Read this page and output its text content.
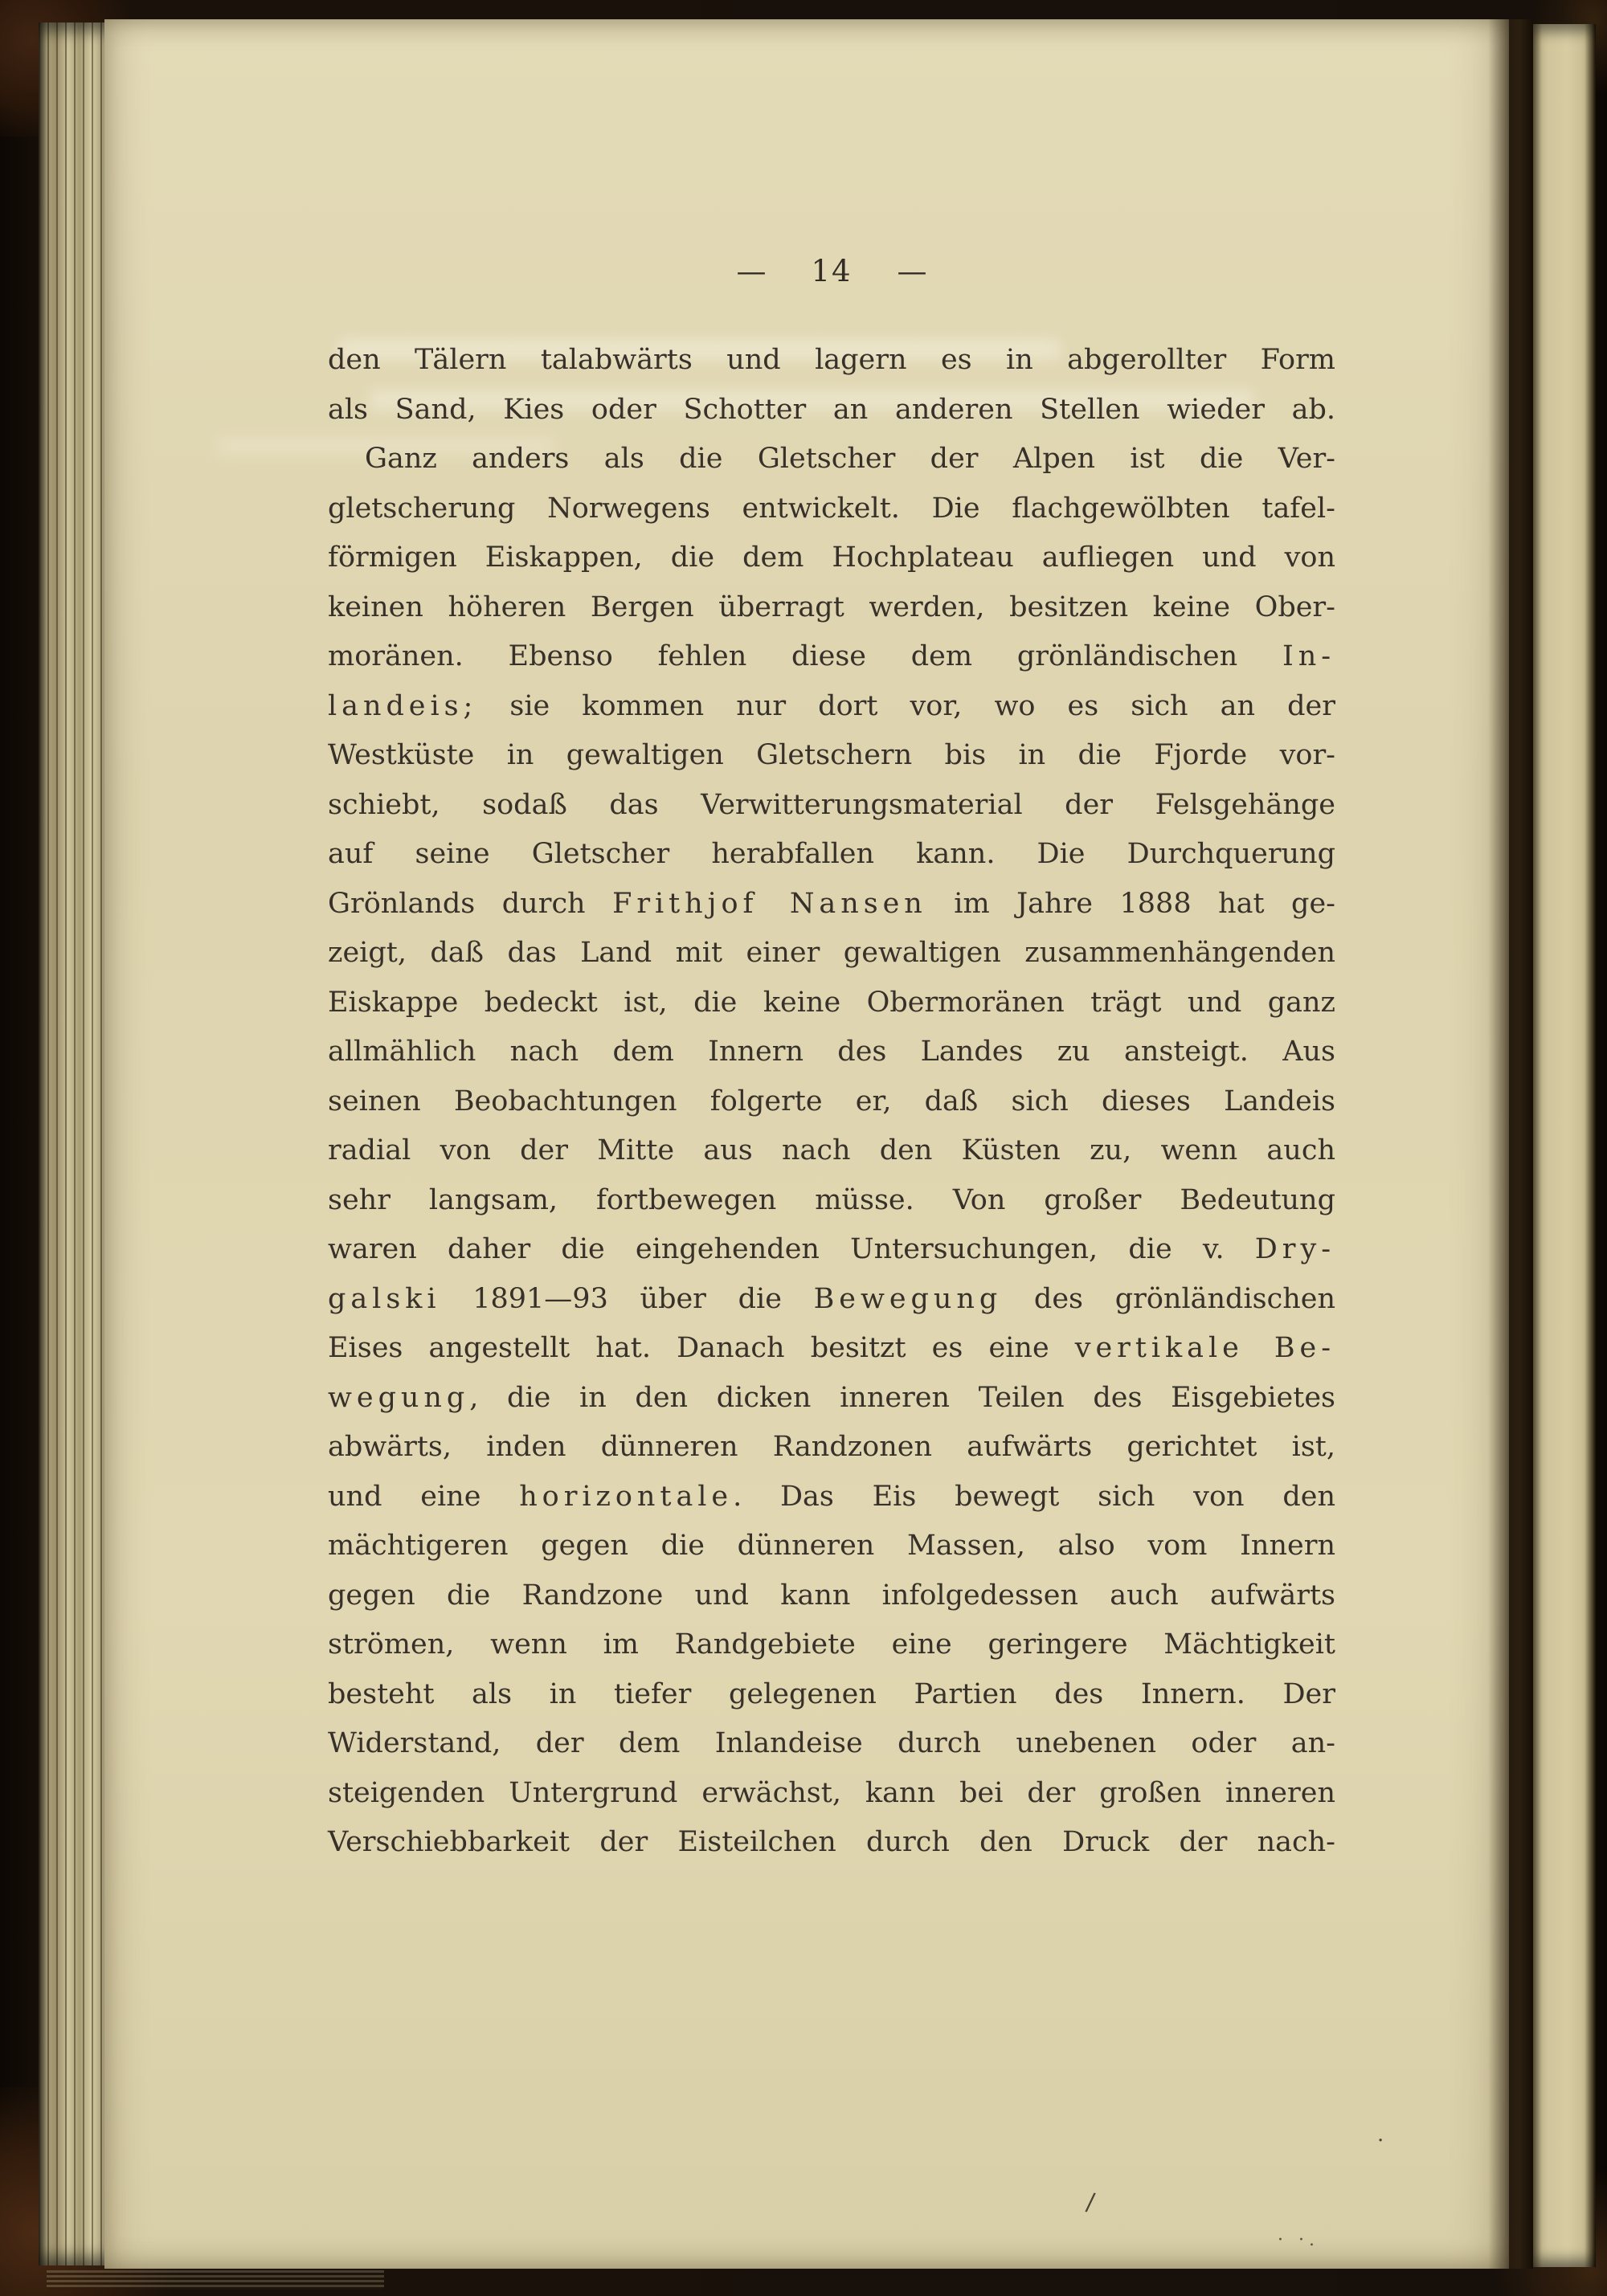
— 14 —
den Tälern talabwärts und lagern es in abgerollter Form
als Sand, Kies oder Schotter an anderen Stellen wieder ab.
Ganz anders als die Gletscher der Alpen ist die Ver-
gletscherung Norwegens entwickelt. Die flachgewölbten tafel-
förmigen Eiskappen, die dem Hochplateau aufliegen und von
keinen höheren Bergen überragt werden, besitzen keine Ober-
moränen. Ebenso fehlen diese dem grönländischen In-
landeis; sie kommen nur dort vor, wo es sich an der
Westküste in gewaltigen Gletschern bis in die Fjorde vor-
schiebt, sodaß das Verwitterungsmaterial der Felsgehänge
auf seine Gletscher herabfallen kann. Die Durchquerung
Grönlands durch Frithjof Nansen im Jahre 1888 hat ge-
zeigt, daß das Land mit einer gewaltigen zusammenhängenden
Eiskappe bedeckt ist, die keine Obermoränen trägt und ganz
allmählich nach dem Innern des Landes zu ansteigt. Aus
seinen Beobachtungen folgerte er, daß sich dieses Landeis
radial von der Mitte aus nach den Küsten zu, wenn auch
sehr langsam, fortbewegen müsse. Von großer Bedeutung
waren daher die eingehenden Untersuchungen, die v. Dry-
galski 1891—93 über die Bewegung des grönländischen
Eises angestellt hat. Danach besitzt es eine vertikale Be-
wegung, die in den dicken inneren Teilen des Eisgebietes
abwärts, inden dünneren Randzonen aufwärts gerichtet ist,
und eine horizontale. Das Eis bewegt sich von den
mächtigeren gegen die dünneren Massen, also vom Innern
gegen die Randzone und kann infolgedessen auch aufwärts
strömen, wenn im Randgebiete eine geringere Mächtigkeit
besteht als in tiefer gelegenen Partien des Innern. Der
Widerstand, der dem Inlandeise durch unebenen oder an-
steigenden Untergrund erwächst, kann bei der großen inneren
Verschiebbarkeit der Eisteilchen durch den Druck der nach-
/
·
· ·.
